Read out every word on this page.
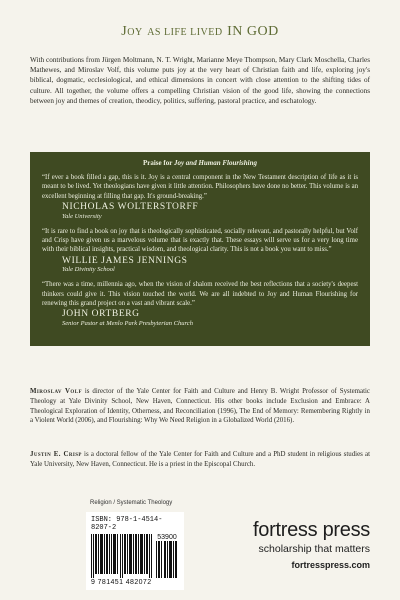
JOY AS LIFE LIVED IN GOD
With contributions from Jürgen Moltmann, N. T. Wright, Marianne Meye Thompson, Mary Clark Moschella, Charles Mathewes, and Miroslav Volf, this volume puts joy at the very heart of Christian faith and life, exploring joy's biblical, dogmatic, ecclesiological, and ethical dimensions in concert with close attention to the shifting tides of culture. All together, the volume offers a compelling Christian vision of the good life, showing the connections between joy and themes of creation, theodicy, politics, suffering, pastoral practice, and eschatology.
Praise for Joy and Human Flourishing
“If ever a book filled a gap, this is it. Joy is a central component in the New Testament description of life as it is meant to be lived. Yet theologians have given it little attention. Philosophers have done no better. This volume is an excellent beginning at filling that gap. It's ground-breaking.”
NICHOLAS WOLTERSTORFF
Yale University
“It is rare to find a book on joy that is theologically sophisticated, socially relevant, and pastorally helpful, but Volf and Crisp have given us a marvelous volume that is exactly that. These essays will serve us for a very long time with their biblical insights, practical wisdom, and theological clarity. This is not a book you want to miss.”
WILLIE JAMES JENNINGS
Yale Divinity School
“There was a time, millennia ago, when the vision of shalom received the best reflections that a society's deepest thinkers could give it. This vision touched the world. We are all indebted to Joy and Human Flourishing for renewing this grand project on a vast and vibrant scale.”
JOHN ORTBERG
Senior Pastor at Menlo Park Presbyterian Church
Miroslav Volf is director of the Yale Center for Faith and Culture and Henry B. Wright Professor of Systematic Theology at Yale Divinity School, New Haven, Connecticut. His other books include Exclusion and Embrace: A Theological Exploration of Identity, Otherness, and Reconciliation (1996), The End of Memory: Remembering Rightly in a Violent World (2006), and Flourishing: Why We Need Religion in a Globalized World (2016).
Justin E. Crisp is a doctoral fellow of the Yale Center for Faith and Culture and a PhD student in religious studies at Yale University, New Haven, Connecticut. He is a priest in the Episcopal Church.
Religion / Systematic Theology
ISBN: 978-1-4514-8207-2
53900
9 781451 482072
fortress press
scholarship that matters
fortresspress.com
